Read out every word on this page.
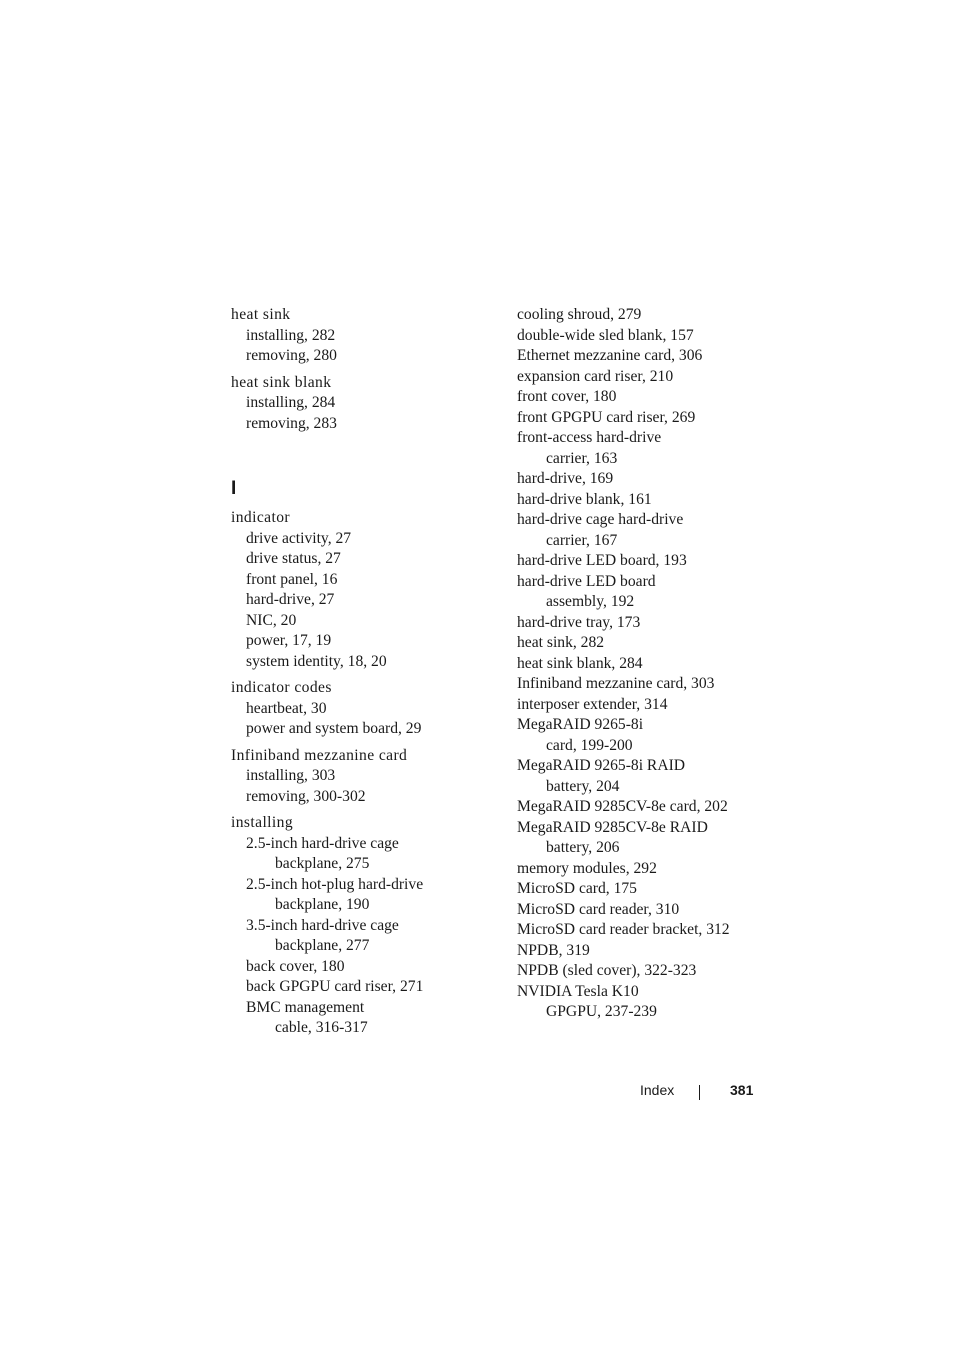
heat sink
installing, 282
removing, 280
heat sink blank
installing, 284
removing, 283
I
indicator
drive activity, 27
drive status, 27
front panel, 16
hard-drive, 27
NIC, 20
power, 17, 19
system identity, 18, 20
indicator codes
heartbeat, 30
power and system board, 29
Infiniband mezzanine card
installing, 303
removing, 300-302
installing
2.5-inch hard-drive cage
backplane, 275
2.5-inch hot-plug hard-drive
backplane, 190
3.5-inch hard-drive cage
backplane, 277
back cover, 180
back GPGPU card riser, 271
BMC management
cable, 316-317
cooling shroud, 279
double-wide sled blank, 157
Ethernet mezzanine card, 306
expansion card riser, 210
front cover, 180
front GPGPU card riser, 269
front-access hard-drive
carrier, 163
hard-drive, 169
hard-drive blank, 161
hard-drive cage hard-drive
carrier, 167
hard-drive LED board, 193
hard-drive LED board
assembly, 192
hard-drive tray, 173
heat sink, 282
heat sink blank, 284
Infiniband mezzanine card, 303
interposer extender, 314
MegaRAID 9265-8i
card, 199-200
MegaRAID 9265-8i RAID
battery, 204
MegaRAID 9285CV-8e card, 202
MegaRAID 9285CV-8e RAID
battery, 206
memory modules, 292
MicroSD card, 175
MicroSD card reader, 310
MicroSD card reader bracket, 312
NPDB, 319
NPDB (sled cover), 322-323
NVIDIA Tesla K10
GPGPU, 237-239
Index	381
